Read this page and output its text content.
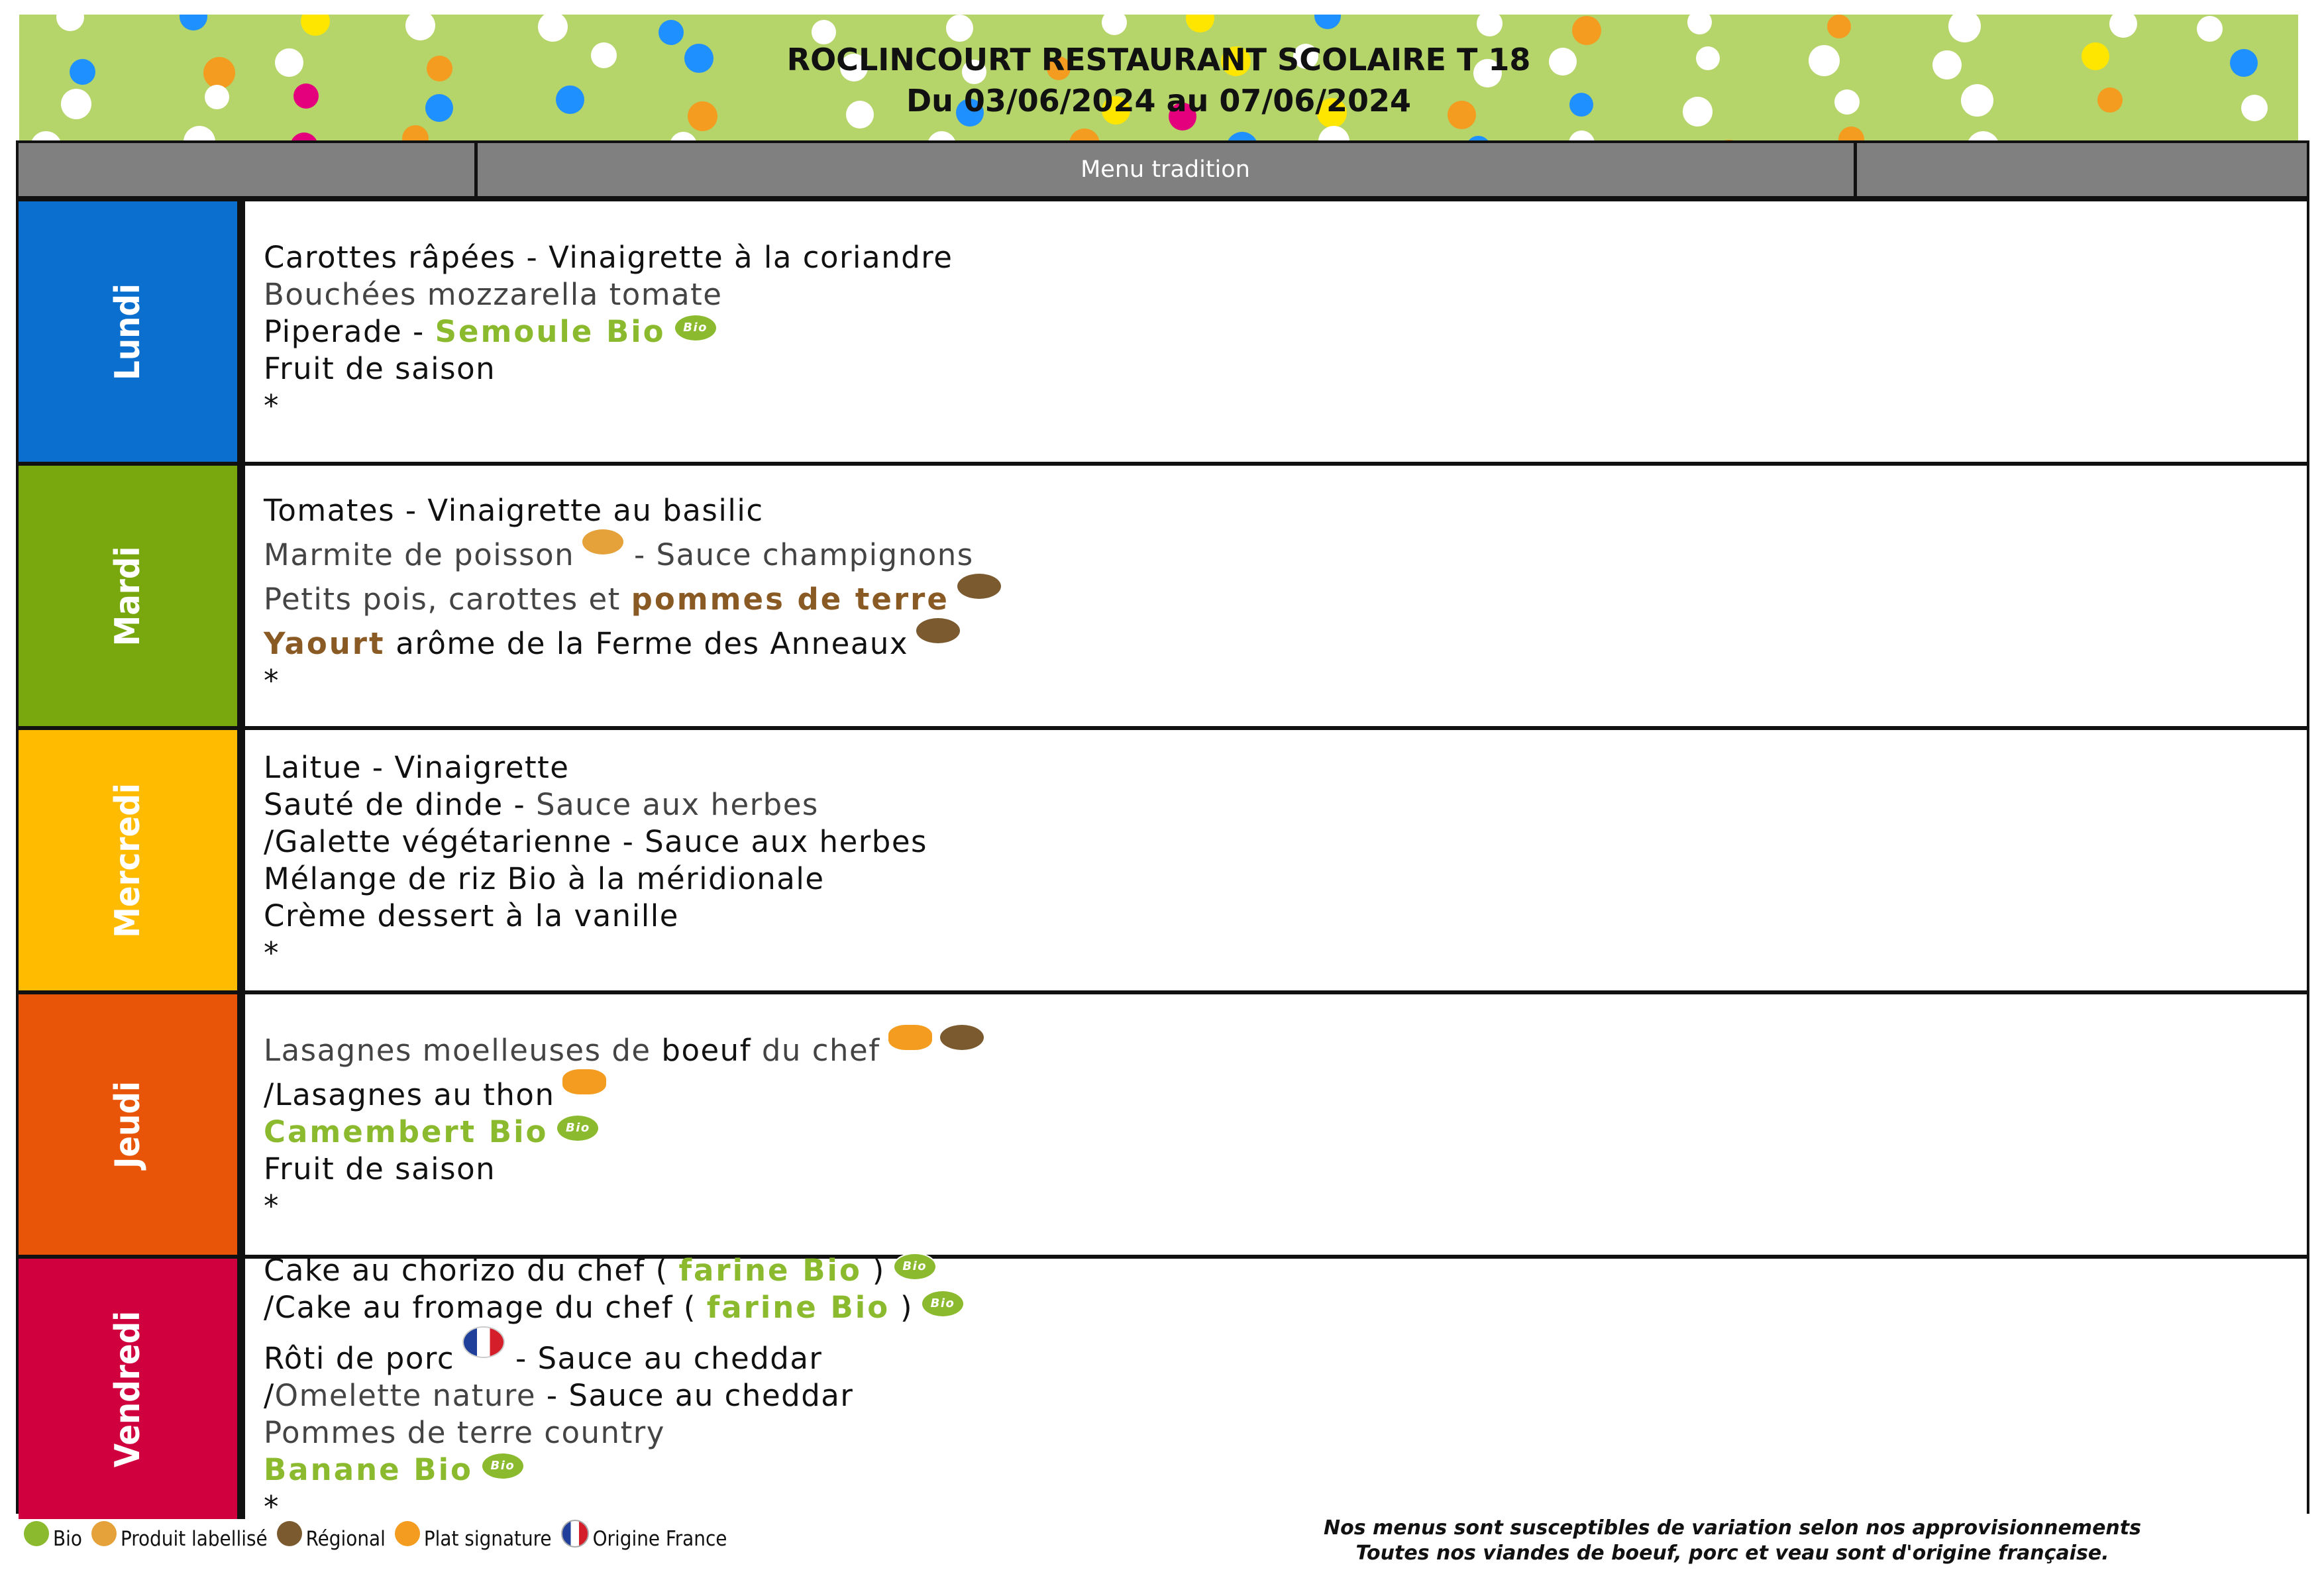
ROCLINCOURT RESTAURANT SCOLAIRE T 18
Du 03/06/2024 au 07/06/2024
Menu tradition
Lundi
Carottes râpées - Vinaigrette à la coriandre
Bouchées mozzarella tomate
Piperade - Semoule Bio Bio
Fruit de saison
*
Mardi
Tomates - Vinaigrette au basilic
Marmite de poisson - Sauce champignons
Petits pois, carottes et pommes de terre
Yaourt arôme de la Ferme des Anneaux
*
Mercredi
Laitue - Vinaigrette
Sauté de dinde - Sauce aux herbes
/Galette végétarienne - Sauce aux herbes
Mélange de riz Bio à la méridionale
Crème dessert à la vanille
*
Jeudi
Lasagnes moelleuses de boeuf du chef
/Lasagnes au thon
Camembert Bio Bio
Fruit de saison
*
Vendredi
Cake au chorizo du chef ( farine Bio ) Bio
/Cake au fromage du chef ( farine Bio ) Bio
Rôti de porc - Sauce au cheddar
/Omelette nature - Sauce au cheddar
Pommes de terre country
Banane Bio Bio
*
Bio Produit labellisé Régional Plat signature Origine France	Nos menus sont susceptibles de variation selon nos approvisionnements
Toutes nos viandes de boeuf, porc et veau sont d'origine française.
